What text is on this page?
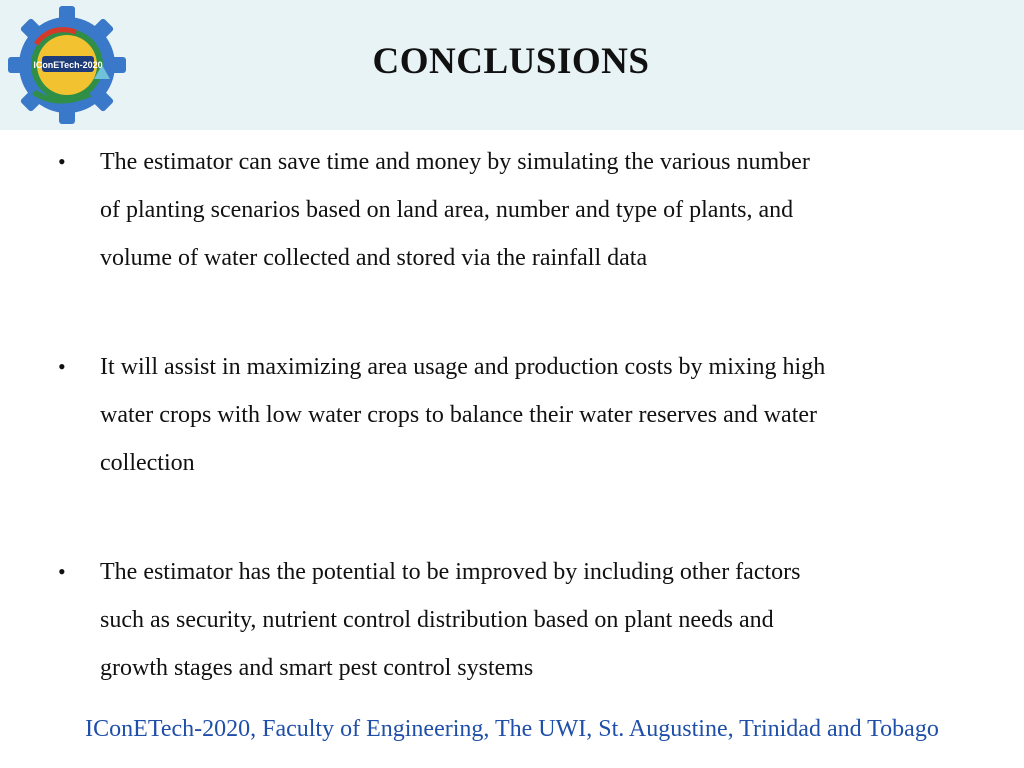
IConETech-2020	CONCLUSIONS
• The estimator can save time and money by simulating the various number
of planting scenarios based on land area, number and type of plants, and
volume of water collected and stored via the rainfall data
• It will assist in maximizing area usage and production costs by mixing high
water crops with low water crops to balance their water reserves and water
collection
• The estimator has the potential to be improved by including other factors
such as security, nutrient control distribution based on plant needs and
growth stages and smart pest control systems
IConETech-2020, Faculty of Engineering, The UWI, St. Augustine, Trinidad and Tobago
